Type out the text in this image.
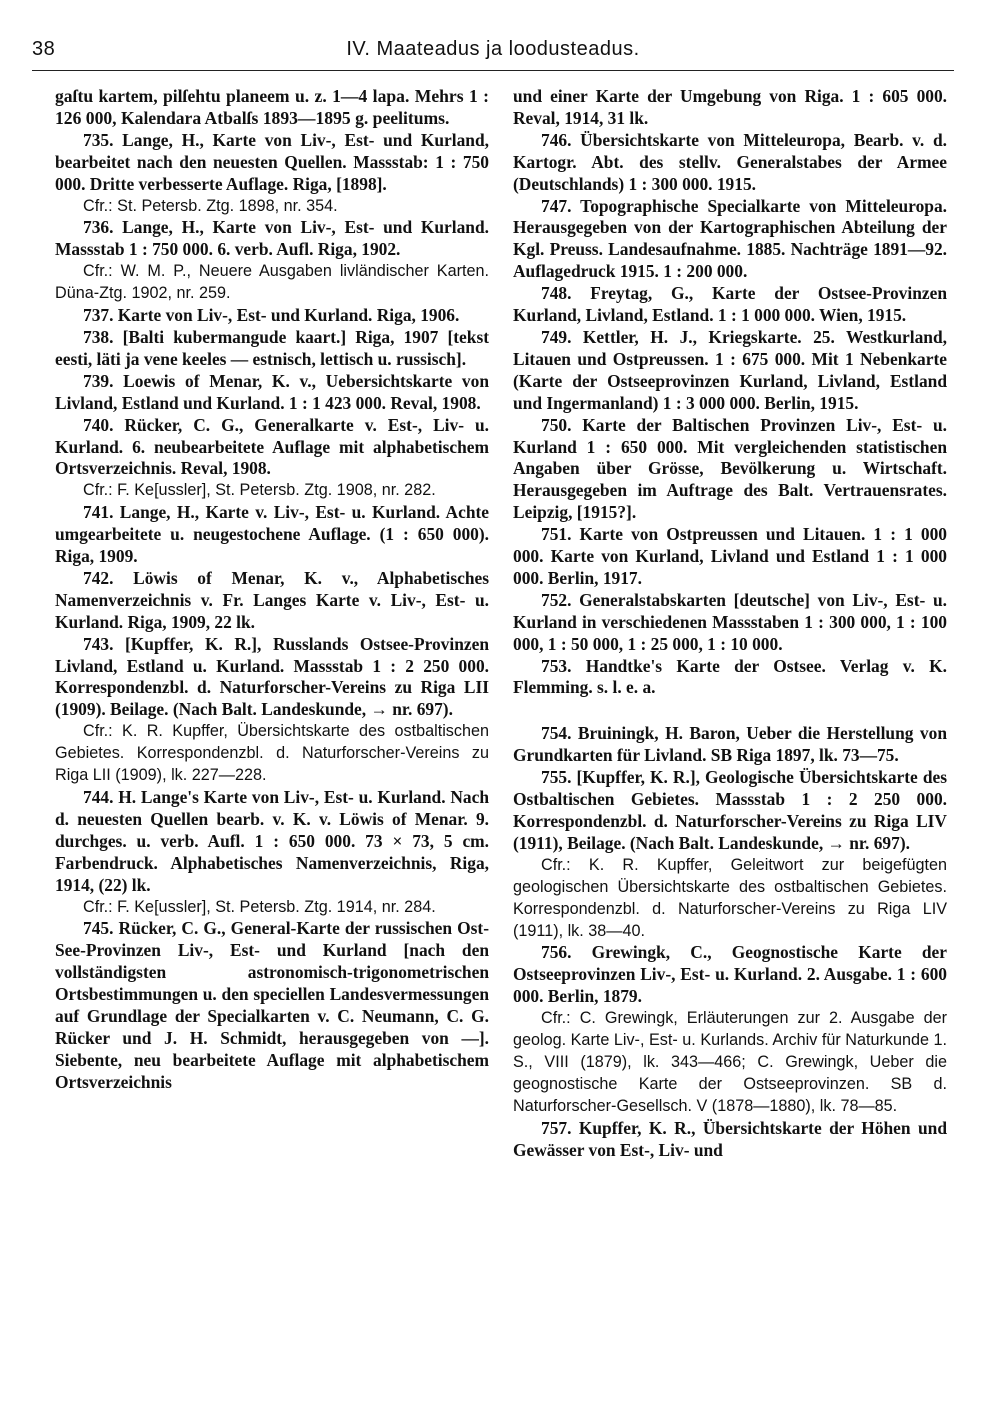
38	IV. Maateadus ja loodusteadus.

gaſtu kartem, pilſehtu planeem u. z. 1—4 lapa. Mehrs 1 : 126 000, Kalendara Atbalſs 1893—1895 g. peelitums.

735. Lange, H., Karte von Liv-, Est- und Kurland, bearbeitet nach den neuesten Quellen. Massstab: 1 : 750 000. Dritte verbesserte Auflage. Riga, [1898].

Cfr.: St. Petersb. Ztg. 1898, nr. 354.

736. Lange, H., Karte von Liv-, Est- und Kurland. Massstab 1 : 750 000. 6. verb. Aufl. Riga, 1902.

Cfr.: W. M. P., Neuere Ausgaben livländischer Karten. Düna-Ztg. 1902, nr. 259.

737. Karte von Liv-, Est- und Kurland. Riga, 1906.

738. [Balti kubermangude kaart.] Riga, 1907 [tekst eesti, läti ja vene keeles — estnisch, lettisch u. russisch].

739. Loewis of Menar, K. v., Uebersichtskarte von Livland, Estland und Kurland. 1 : 1 423 000. Reval, 1908.

740. Rücker, C. G., Generalkarte v. Est-, Liv- u. Kurland. 6. neubearbeitete Auflage mit alphabetischem Ortsverzeichnis. Reval, 1908.

Cfr.: F. Ke[ussler], St. Petersb. Ztg. 1908, nr. 282.

741. Lange, H., Karte v. Liv-, Est- u. Kurland. Achte umgearbeitete u. neugestochene Auflage. (1 : 650 000). Riga, 1909.

742. Löwis of Menar, K. v., Alphabetisches Namenverzeichnis v. Fr. Langes Karte v. Liv-, Est- u. Kurland. Riga, 1909, 22 lk.

743. [Kupffer, K. R.], Russlands Ostsee-Provinzen Livland, Estland u. Kurland. Massstab 1 : 2 250 000. Korrespondenzbl. d. Naturforscher-Vereins zu Riga LII (1909). Beilage. (Nach Balt. Landeskunde, → nr. 697).

Cfr.: K. R. Kupffer, Übersichtskarte des ostbaltischen Gebietes. Korrespondenzbl. d. Naturforscher-Vereins zu Riga LII (1909), lk. 227—228.

744. H. Lange's Karte von Liv-, Est- u. Kurland. Nach d. neuesten Quellen bearb. v. K. v. Löwis of Menar. 9. durchges. u. verb. Aufl. 1 : 650 000. 73 × 73, 5 cm. Farbendruck. Alphabetisches Namenverzeichnis, Riga, 1914, (22) lk.

Cfr.: F. Ke[ussler], St. Petersb. Ztg. 1914, nr. 284.

745. Rücker, C. G., General-Karte der russischen Ost-See-Provinzen Liv-, Est- und Kurland [nach den vollständigsten astronomisch-trigonometrischen Ortsbestimmungen u. den speciellen Landesvermessungen auf Grundlage der Specialkarten v. C. Neumann, C. G. Rücker und J. H. Schmidt, herausgegeben von —]. Siebente, neu bearbeitete Auflage mit alphabetischem Ortsverzeichnis

und einer Karte der Umgebung von Riga. 1 : 605 000. Reval, 1914, 31 lk.

746. Übersichtskarte von Mitteleuropa, Bearb. v. d. Kartogr. Abt. des stellv. Generalstabes der Armee (Deutschlands) 1 : 300 000. 1915.

747. Topographische Specialkarte von Mitteleuropa. Herausgegeben von der Kartographischen Abteilung der Kgl. Preuss. Landesaufnahme. 1885. Nachträge 1891—92. Auflagedruck 1915. 1 : 200 000.

748. Freytag, G., Karte der Ostsee-Provinzen Kurland, Livland, Estland. 1 : 1 000 000. Wien, 1915.

749. Kettler, H. J., Kriegskarte. 25. Westkurland, Litauen und Ostpreussen. 1 : 675 000. Mit 1 Nebenkarte (Karte der Ostseeprovinzen Kurland, Livland, Estland und Ingermanland) 1 : 3 000 000. Berlin, 1915.

750. Karte der Baltischen Provinzen Liv-, Est- u. Kurland 1 : 650 000. Mit vergleichenden statistischen Angaben über Grösse, Bevölkerung u. Wirtschaft. Herausgegeben im Auftrage des Balt. Vertrauensrates. Leipzig, [1915?].

751. Karte von Ostpreussen und Litauen. 1 : 1 000 000. Karte von Kurland, Livland und Estland 1 : 1 000 000. Berlin, 1917.

752. Generalstabskarten [deutsche] von Liv-, Est- u. Kurland in verschiedenen Massstaben 1 : 300 000, 1 : 100 000, 1 : 50 000, 1 : 25 000, 1 : 10 000.

753. Handtke's Karte der Ostsee. Verlag v. K. Flemming. s. l. e. a.

754. Bruiningk, H. Baron, Ueber die Herstellung von Grundkarten für Livland. SB Riga 1897, lk. 73—75.

755. [Kupffer, K. R.], Geologische Übersichtskarte des Ostbaltischen Gebietes. Massstab 1 : 2 250 000. Korrespondenzbl. d. Naturforscher-Vereins zu Riga LIV (1911), Beilage. (Nach Balt. Landeskunde, → nr. 697).

Cfr.: K. R. Kupffer, Geleitwort zur beigefügten geologischen Übersichtskarte des ostbaltischen Gebietes. Korrespondenzbl. d. Naturforscher-Vereins zu Riga LIV (1911), lk. 38—40.

756. Grewingk, C., Geognostische Karte der Ostseeprovinzen Liv-, Est- u. Kurland. 2. Ausgabe. 1 : 600 000. Berlin, 1879.

Cfr.: C. Grewingk, Erläuterungen zur 2. Ausgabe der geolog. Karte Liv-, Est- u. Kurlands. Archiv für Naturkunde 1. S., VIII (1879), lk. 343—466; C. Grewingk, Ueber die geognostische Karte der Ostseeprovinzen. SB d. Naturforscher-Gesellsch. V (1878—1880), lk. 78—85.

757. Kupffer, K. R., Übersichtskarte der Höhen und Gewässer von Est-, Liv- und
